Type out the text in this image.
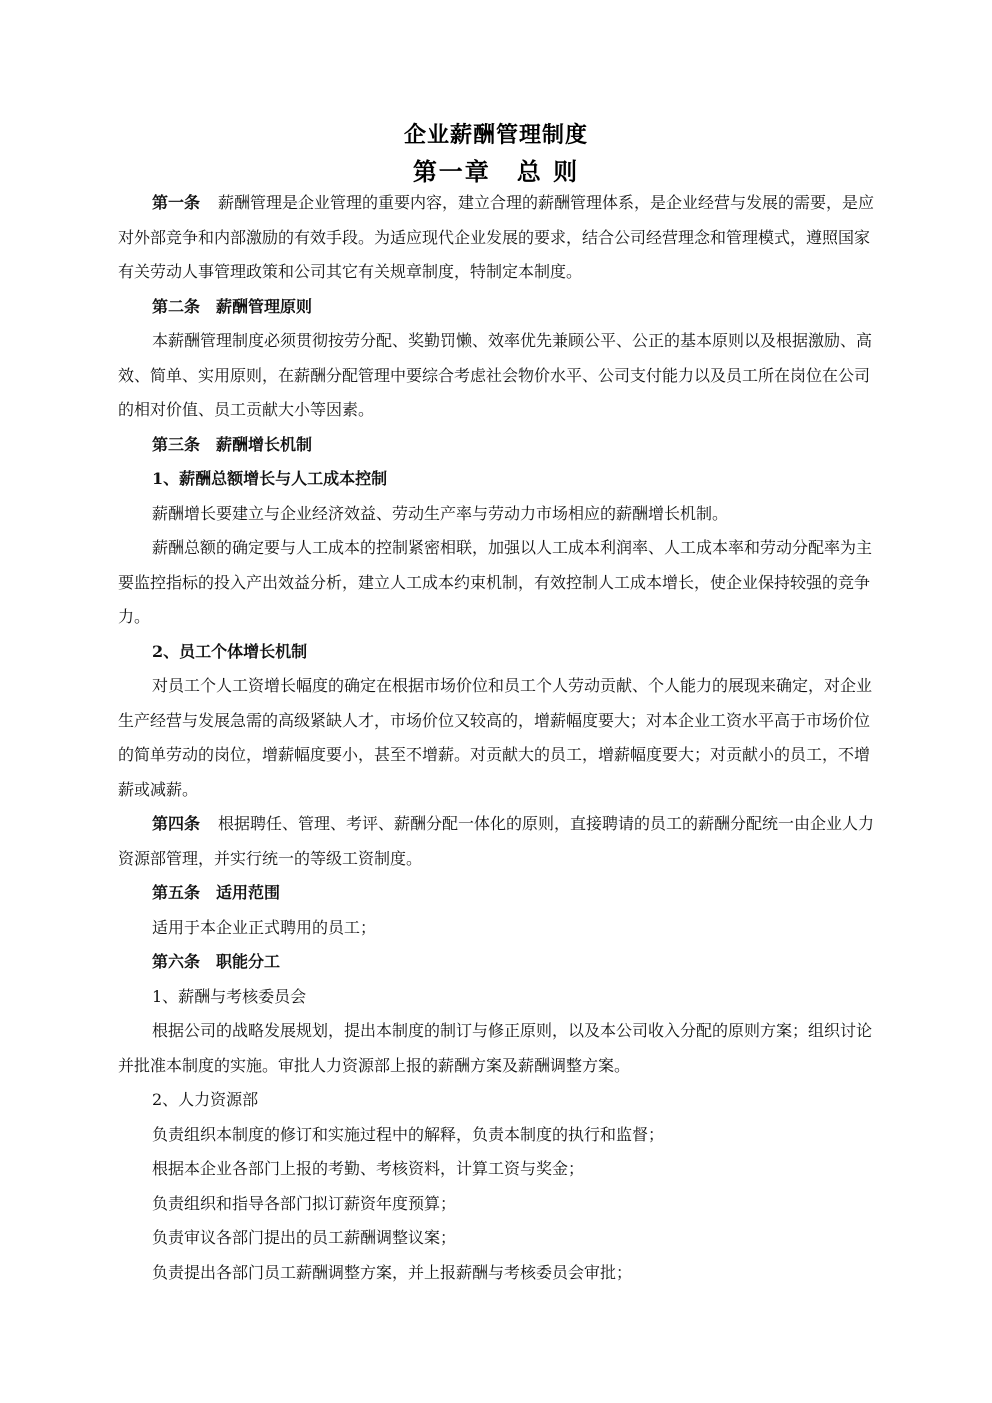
企业薪酬管理制度
第一章　总 则

第一条 薪酬管理是企业管理的重要内容，建立合理的薪酬管理体系，是企业经营与发展的需要，是应对外部竞争和内部激励的有效手段。为适应现代企业发展的要求，结合公司经营理念和管理模式，遵照国家有关劳动人事管理政策和公司其它有关规章制度，特制定本制度。

第二条　薪酬管理原则

本薪酬管理制度必须贯彻按劳分配、奖勤罚懒、效率优先兼顾公平、公正的基本原则以及根据激励、高效、简单、实用原则，在薪酬分配管理中要综合考虑社会物价水平、公司支付能力以及员工所在岗位在公司的相对价值、员工贡献大小等因素。

第三条　薪酬增长机制

1、薪酬总额增长与人工成本控制

薪酬增长要建立与企业经济效益、劳动生产率与劳动力市场相应的薪酬增长机制。

薪酬总额的确定要与人工成本的控制紧密相联，加强以人工成本利润率、人工成本率和劳动分配率为主要监控指标的投入产出效益分析，建立人工成本约束机制，有效控制人工成本增长，使企业保持较强的竞争力。

2、员工个体增长机制

对员工个人工资增长幅度的确定在根据市场价位和员工个人劳动贡献、个人能力的展现来确定，对企业生产经营与发展急需的高级紧缺人才，市场价位又较高的，增薪幅度要大；对本企业工资水平高于市场价位的简单劳动的岗位，增薪幅度要小，甚至不增薪。对贡献大的员工，增薪幅度要大；对贡献小的员工，不增薪或减薪。

第四条 根据聘任、管理、考评、薪酬分配一体化的原则，直接聘请的员工的薪酬分配统一由企业人力资源部管理，并实行统一的等级工资制度。

第五条　适用范围

适用于本企业正式聘用的员工；

第六条　职能分工

1、薪酬与考核委员会

根据公司的战略发展规划，提出本制度的制订与修正原则，以及本公司收入分配的原则方案；组织讨论并批准本制度的实施。审批人力资源部上报的薪酬方案及薪酬调整方案。

2、人力资源部

负责组织本制度的修订和实施过程中的解释，负责本制度的执行和监督；

根据本企业各部门上报的考勤、考核资料，计算工资与奖金；

负责组织和指导各部门拟订薪资年度预算；

负责审议各部门提出的员工薪酬调整议案；

负责提出各部门员工薪酬调整方案，并上报薪酬与考核委员会审批；
